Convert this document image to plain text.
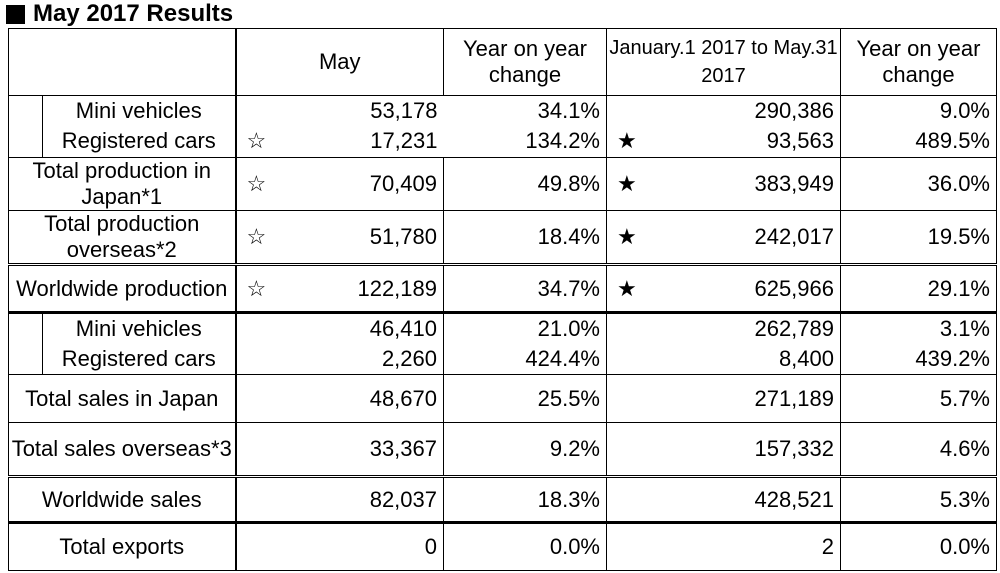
May 2017 Results
		May		Year on year change	January.1 2017 to May.31 2017		Year on year change
	Mini vehicles		53,178	34.1%		290,386	9.0%
	Registered cars	☆	17,231	134.2%	★	93,563	489.5%
Total production in Japan*1		☆	70,409	49.8%	★	383,949	36.0%
Total production overseas*2		☆	51,780	18.4%	★	242,017	19.5%
Worldwide production		☆	122,189	34.7%	★	625,966	29.1%
	Mini vehicles		46,410	21.0%		262,789	3.1%
	Registered cars		2,260	424.4%		8,400	439.2%
Total sales in Japan		48,670		25.5%	271,189		5.7%
Total sales overseas*3		33,367		9.2%	157,332		4.6%
Worldwide sales		82,037		18.3%	428,521		5.3%
Total exports		0		0.0%	2		0.0%
